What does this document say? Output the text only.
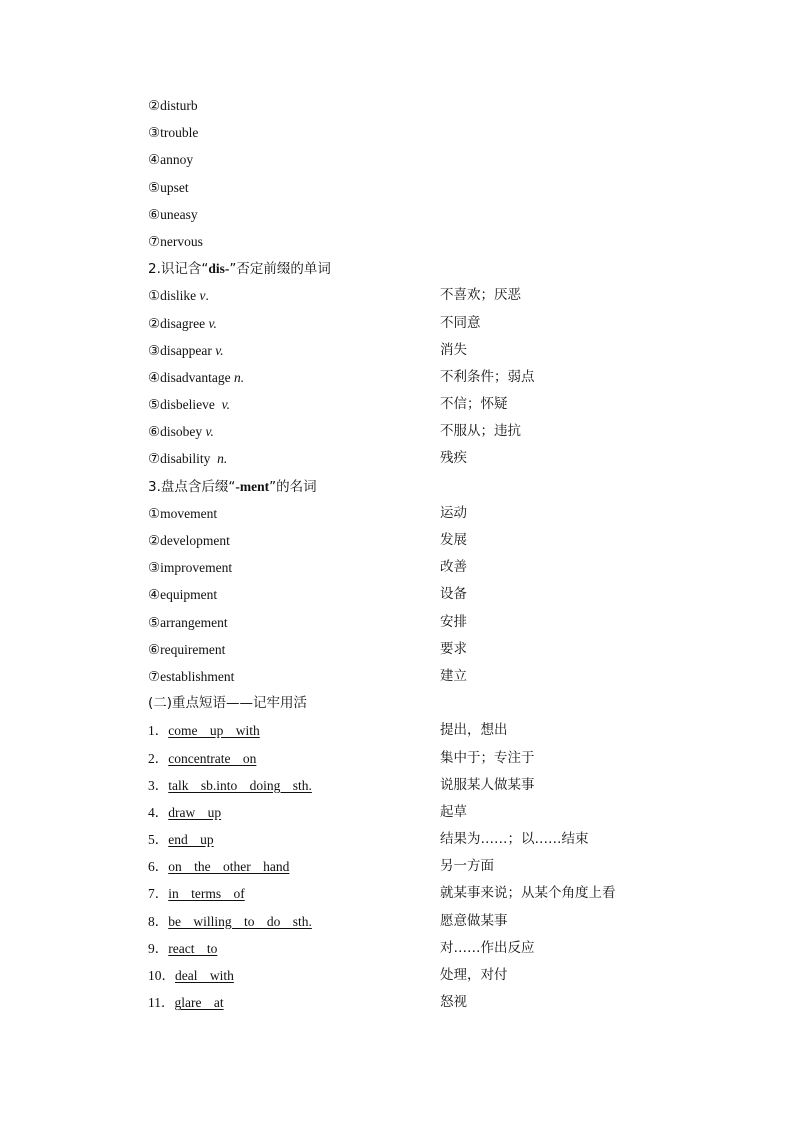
②disturb
③trouble
④annoy
⑤upset
⑥uneasy
⑦nervous
2.识记含“dis-”否定前缀的单词
①dislike v.	不喜欢；厌恶
②disagree v.	不同意
③disappear v.	消失
④disadvantage n.	不利条件；弱点
⑤disbelieve v.	不信；怀疑
⑥disobey v.	不服从；违抗
⑦disability n.	残疾
3.盘点含后缀“-ment”的名词
①movement	运动
②development	发展
③improvement	改善
④equipment	设备
⑤arrangement	安排
⑥requirement	要求
⑦establishment	建立
(二)重点短语——记牢用活
1．come up with	提出，想出
2．concentrate on	集中于；专注于
3．talk sb.into doing sth.	说服某人做某事
4．draw up	起草
5．end up	结果为……；以……结束
6．on the other hand	另一方面
7．in terms of	就某事来说；从某个角度上看
8．be willing to do sth.	愿意做某事
9．react to	对……作出反应
10．deal with	处理，对付
11．glare at	怒视
